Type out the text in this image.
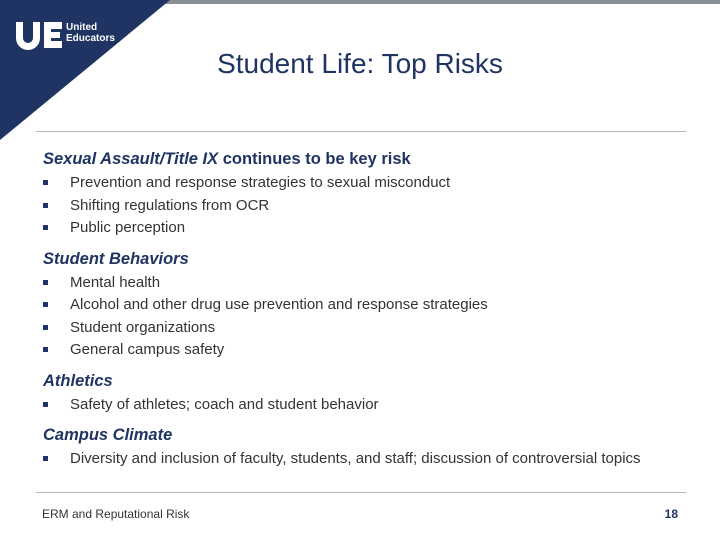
United
Educators
Student Life: Top Risks

Sexual Assault/Title IX continues to be key risk

Prevention and response strategies to sexual misconduct
Shifting regulations from OCR
Public perception

Student Behaviors

Mental health
Alcohol and other drug use prevention and response strategies
Student organizations
General campus safety

Athletics

Safety of athletes; coach and student behavior

Campus Climate

Diversity and inclusion of faculty, students, and staff; discussion of controversial topics
ERM and Reputational Risk	18
